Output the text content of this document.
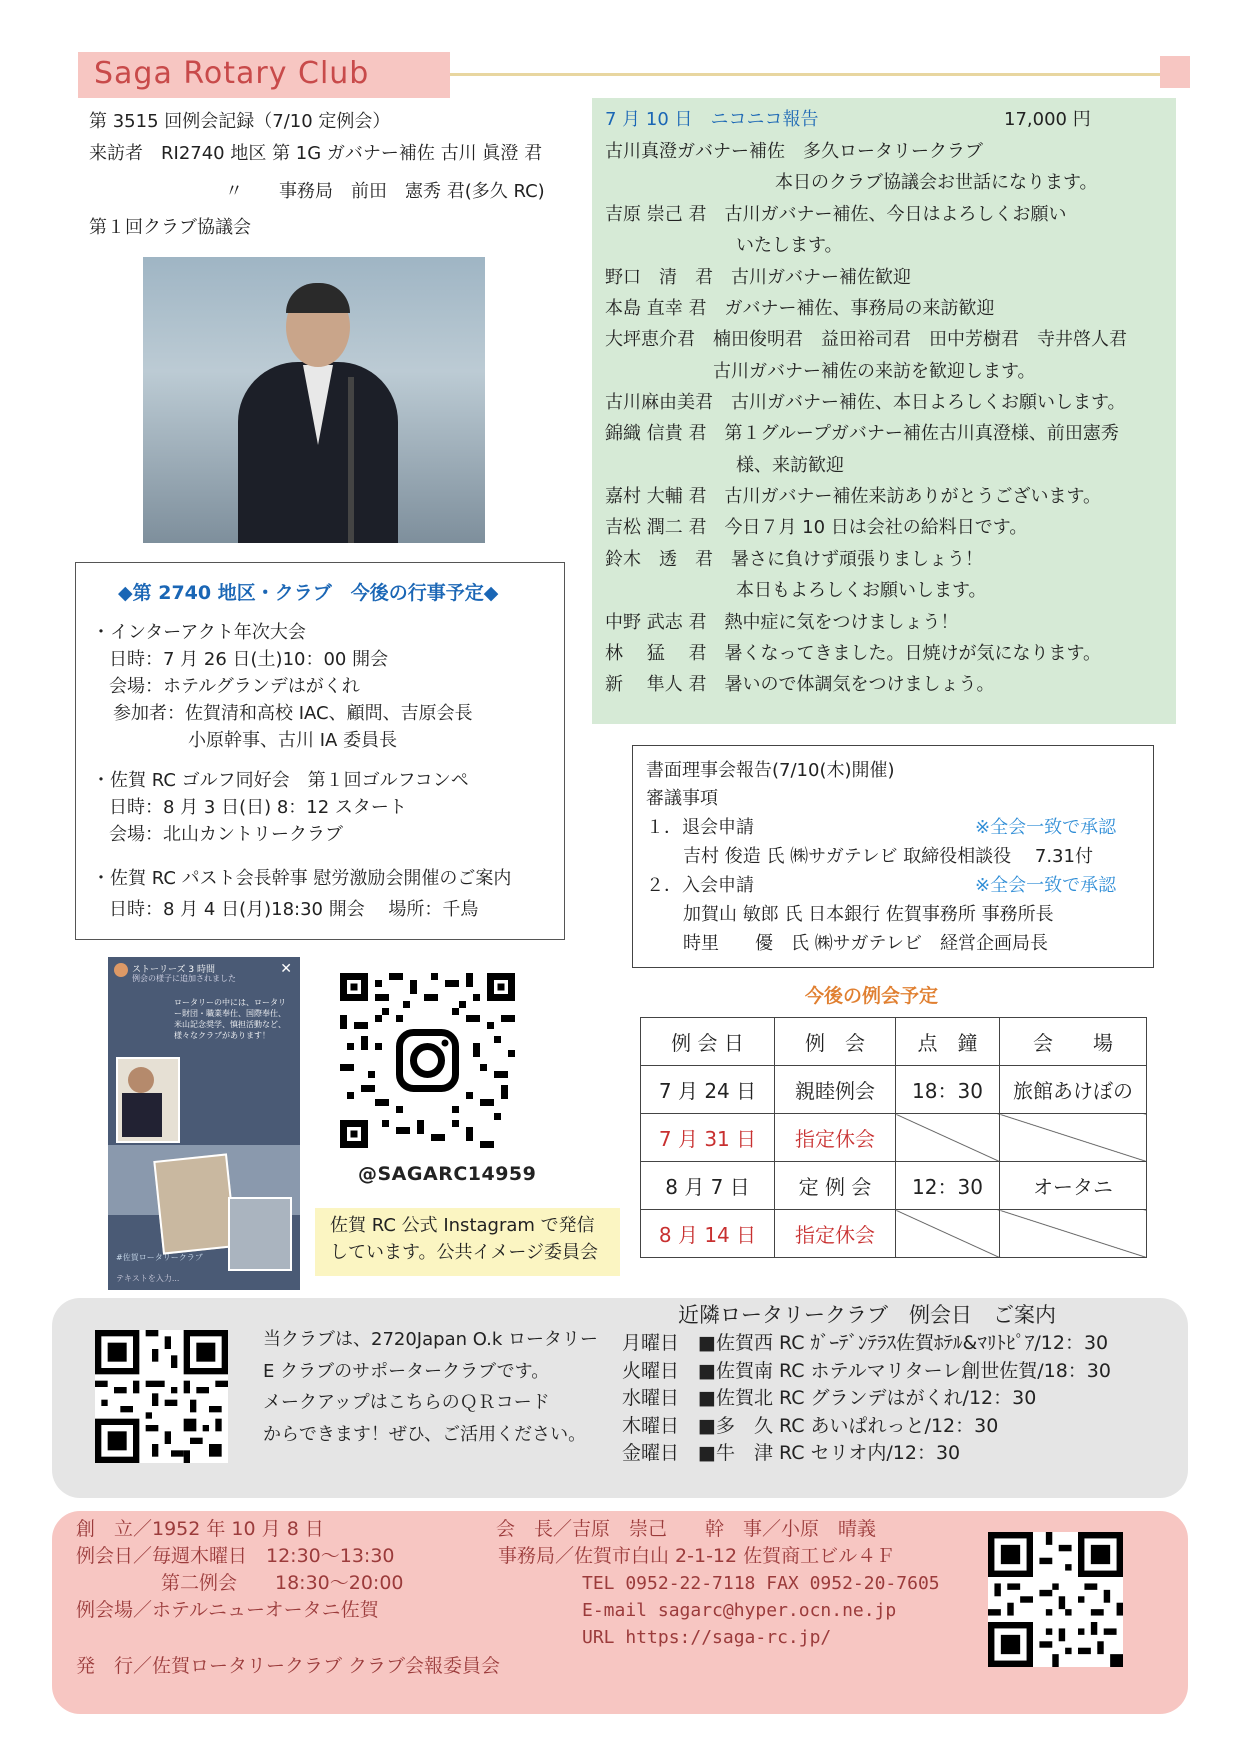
Saga Rotary Club
第 3515 回例会記録（7/10 定例会）
来訪者　RI2740 地区 第 1G ガバナー補佐 古川 眞澄 君
〃　　事務局　前田　憲秀 君(多久 RC)
第１回クラブ協議会
◆第 2740 地区・クラブ　今後の行事予定◆
・インターアクト年次大会
日時：7 月 26 日(土)10：00 開会
会場：ホテルグランデはがくれ
参加者：佐賀清和高校 IAC、顧問、吉原会長
小原幹事、古川 IA 委員長
・佐賀 RC ゴルフ同好会　第１回ゴルフコンペ
日時：8 月 3 日(日) 8：12 スタート
会場：北山カントリークラブ
・佐賀 RC パスト会長幹事 慰労激励会開催のご案内
日時：8 月 4 日(月)18:30 開会　 場所：千鳥
7 月 10 日　ニコニコ報告	17,000 円
古川真澄ガバナー補佐　多久ロータリークラブ
本日のクラブ協議会お世話になります。
吉原 崇己 君　古川ガバナー補佐、今日はよろしくお願い
いたします。
野口　清　君　古川ガバナー補佐歓迎
本島 直幸 君　ガバナー補佐、事務局の来訪歓迎
大坪恵介君　楠田俊明君　益田裕司君　田中芳樹君　寺井啓人君
古川ガバナー補佐の来訪を歓迎します。
古川麻由美君　古川ガバナー補佐、本日よろしくお願いします。
錦織 信貴 君　第１グループガバナー補佐古川真澄様、前田憲秀
様、来訪歓迎
嘉村 大輔 君　古川ガバナー補佐来訪ありがとうございます。
吉松 潤二 君　今日７月 10 日は会社の給料日です。
鈴木　透　君　暑さに負けず頑張りましょう！
本日もよろしくお願いします。
中野 武志 君　熱中症に気をつけましょう！
林　 猛　 君　暑くなってきました。日焼けが気になります。
新　 隼人 君　暑いので体調気をつけましょう。
書面理事会報告(7/10(木)開催)
審議事項
１．退会申請	※全会一致で承認
吉村 俊造 氏 ㈱サガテレビ 取締役相談役　 7.31付
２．入会申請	※全会一致で承認
加賀山 敏郎 氏 日本銀行 佐賀事務所 事務所長
時里　　優　氏 ㈱サガテレビ　経営企画局長
今後の例会予定
例 会 日	例　会	点　鐘	会　　場
7 月 24 日	親睦例会	18：30	旅館あけぼの
7 月 31 日	指定休会		
8 月 7 日	定 例 会	12：30	オータニ
8 月 14 日	指定休会		
ストーリーズ 3 時間
例会の様子に追加されました
✕
ロータリーの中には、ロータリー財団・職業奉仕、国際奉仕、米山記念奨学、慎担活動など、様々なクラブがあります！
#佐賀ロータリークラブ
テキストを入力...
@SAGARC14959
佐賀 RC 公式 Instagram で発信
しています。公共イメージ委員会
当クラブは、2720Japan O.k ロータリー
E クラブのサポータークラブです。
メークアップはこちらのＱＲコード
からできます！ぜひ、ご活用ください。
近隣ロータリークラブ　例会日　ご案内
月曜日　■佐賀西 RC ｶﾞｰﾃﾞﾝﾃﾗｽ佐賀ﾎﾃﾙ&ﾏﾘﾄﾋﾟｱ/12：30
火曜日　■佐賀南 RC ホテルマリターレ創世佐賀/18：30
水曜日　■佐賀北 RC グランデはがくれ/12：30
木曜日　■多　久 RC あいぱれっと/12：30
金曜日　■牛　津 RC セリオ内/12：30
創　立／1952 年 10 月 8 日
例会日／毎週木曜日　12:30～13:30
第二例会　　18:30～20:00
例会場／ホテルニューオータニ佐賀
発　行／佐賀ロータリークラブ クラブ会報委員会
会　長／吉原　崇己　　幹　事／小原　晴義
事務局／佐賀市白山 2-1-12 佐賀商工ビル４Ｆ
TEL 0952-22-7118 FAX 0952-20-7605
E-mail sagarc@hyper.ocn.ne.jp
URL https://saga-rc.jp/
